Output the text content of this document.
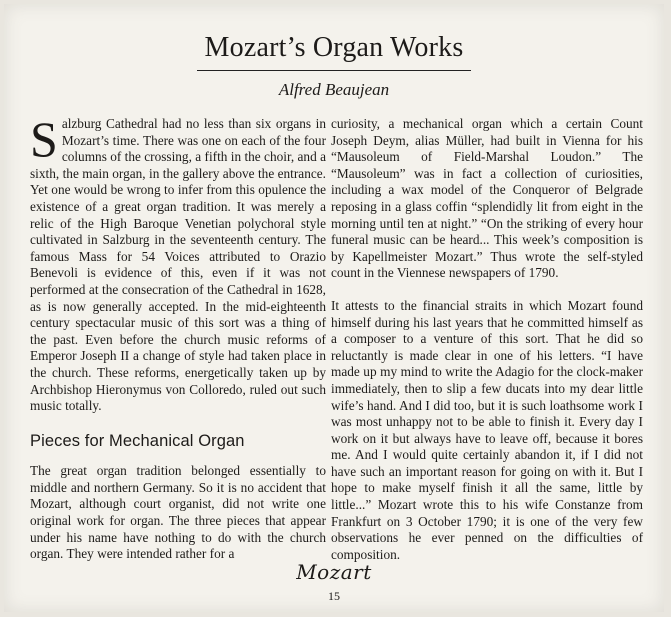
Mozart’s Organ Works
Alfred Beaujean

Salzburg Cathedral had no less than six organs in Mozart’s time. There was one on each of the four columns of the crossing, a fifth in the choir, and a sixth, the main organ, in the gallery above the entrance. Yet one would be wrong to infer from this opulence the existence of a great organ tradition. It was merely a relic of the High Baroque Venetian polychoral style cultivated in Salzburg in the seventeenth century. The famous Mass for 54 Voices attributed to Orazio Benevoli is evidence of this, even if it was not performed at the consecration of the Cathedral in 1628, as is now generally accepted. In the mid-eighteenth century spectacular music of this sort was a thing of the past. Even before the church music reforms of Emperor Joseph II a change of style had taken place in the church. These reforms, energetically taken up by Archbishop Hieronymus von Colloredo, ruled out such music totally.

Pieces for Mechanical Organ

The great organ tradition belonged essentially to middle and northern Germany. So it is no accident that Mozart, although court organist, did not write one original work for organ. The three pieces that appear under his name have nothing to do with the church organ. They were intended rather for a

curiosity, a mechanical organ which a certain Count Joseph Deym, alias Müller, had built in Vienna for his “Mausoleum of Field-Marshal Loudon.” The “Mausoleum” was in fact a collection of curiosities, including a wax model of the Conqueror of Belgrade reposing in a glass coffin “splendidly lit from eight in the morning until ten at night.” “On the striking of every hour funeral music can be heard... This week’s composition is by Kapellmeister Mozart.” Thus wrote the self-styled count in the Viennese newspapers of 1790.

It attests to the financial straits in which Mozart found himself during his last years that he committed himself as a composer to a venture of this sort. That he did so reluctantly is made clear in one of his letters. “I have made up my mind to write the Adagio for the clock-maker immediately, then to slip a few ducats into my dear little wife’s hand. And I did too, but it is such loathsome work I was most unhappy not to be able to finish it. Every day I work on it but always have to leave off, because it bores me. And I would quite certainly abandon it, if I did not have such an important reason for going on with it. But I hope to make myself finish it all the same, little by little...” Mozart wrote this to his wife Constanze from Frankfurt on 3 October 1790; it is one of the very few observations he ever penned on the difficulties of composition.

Mozart
15
